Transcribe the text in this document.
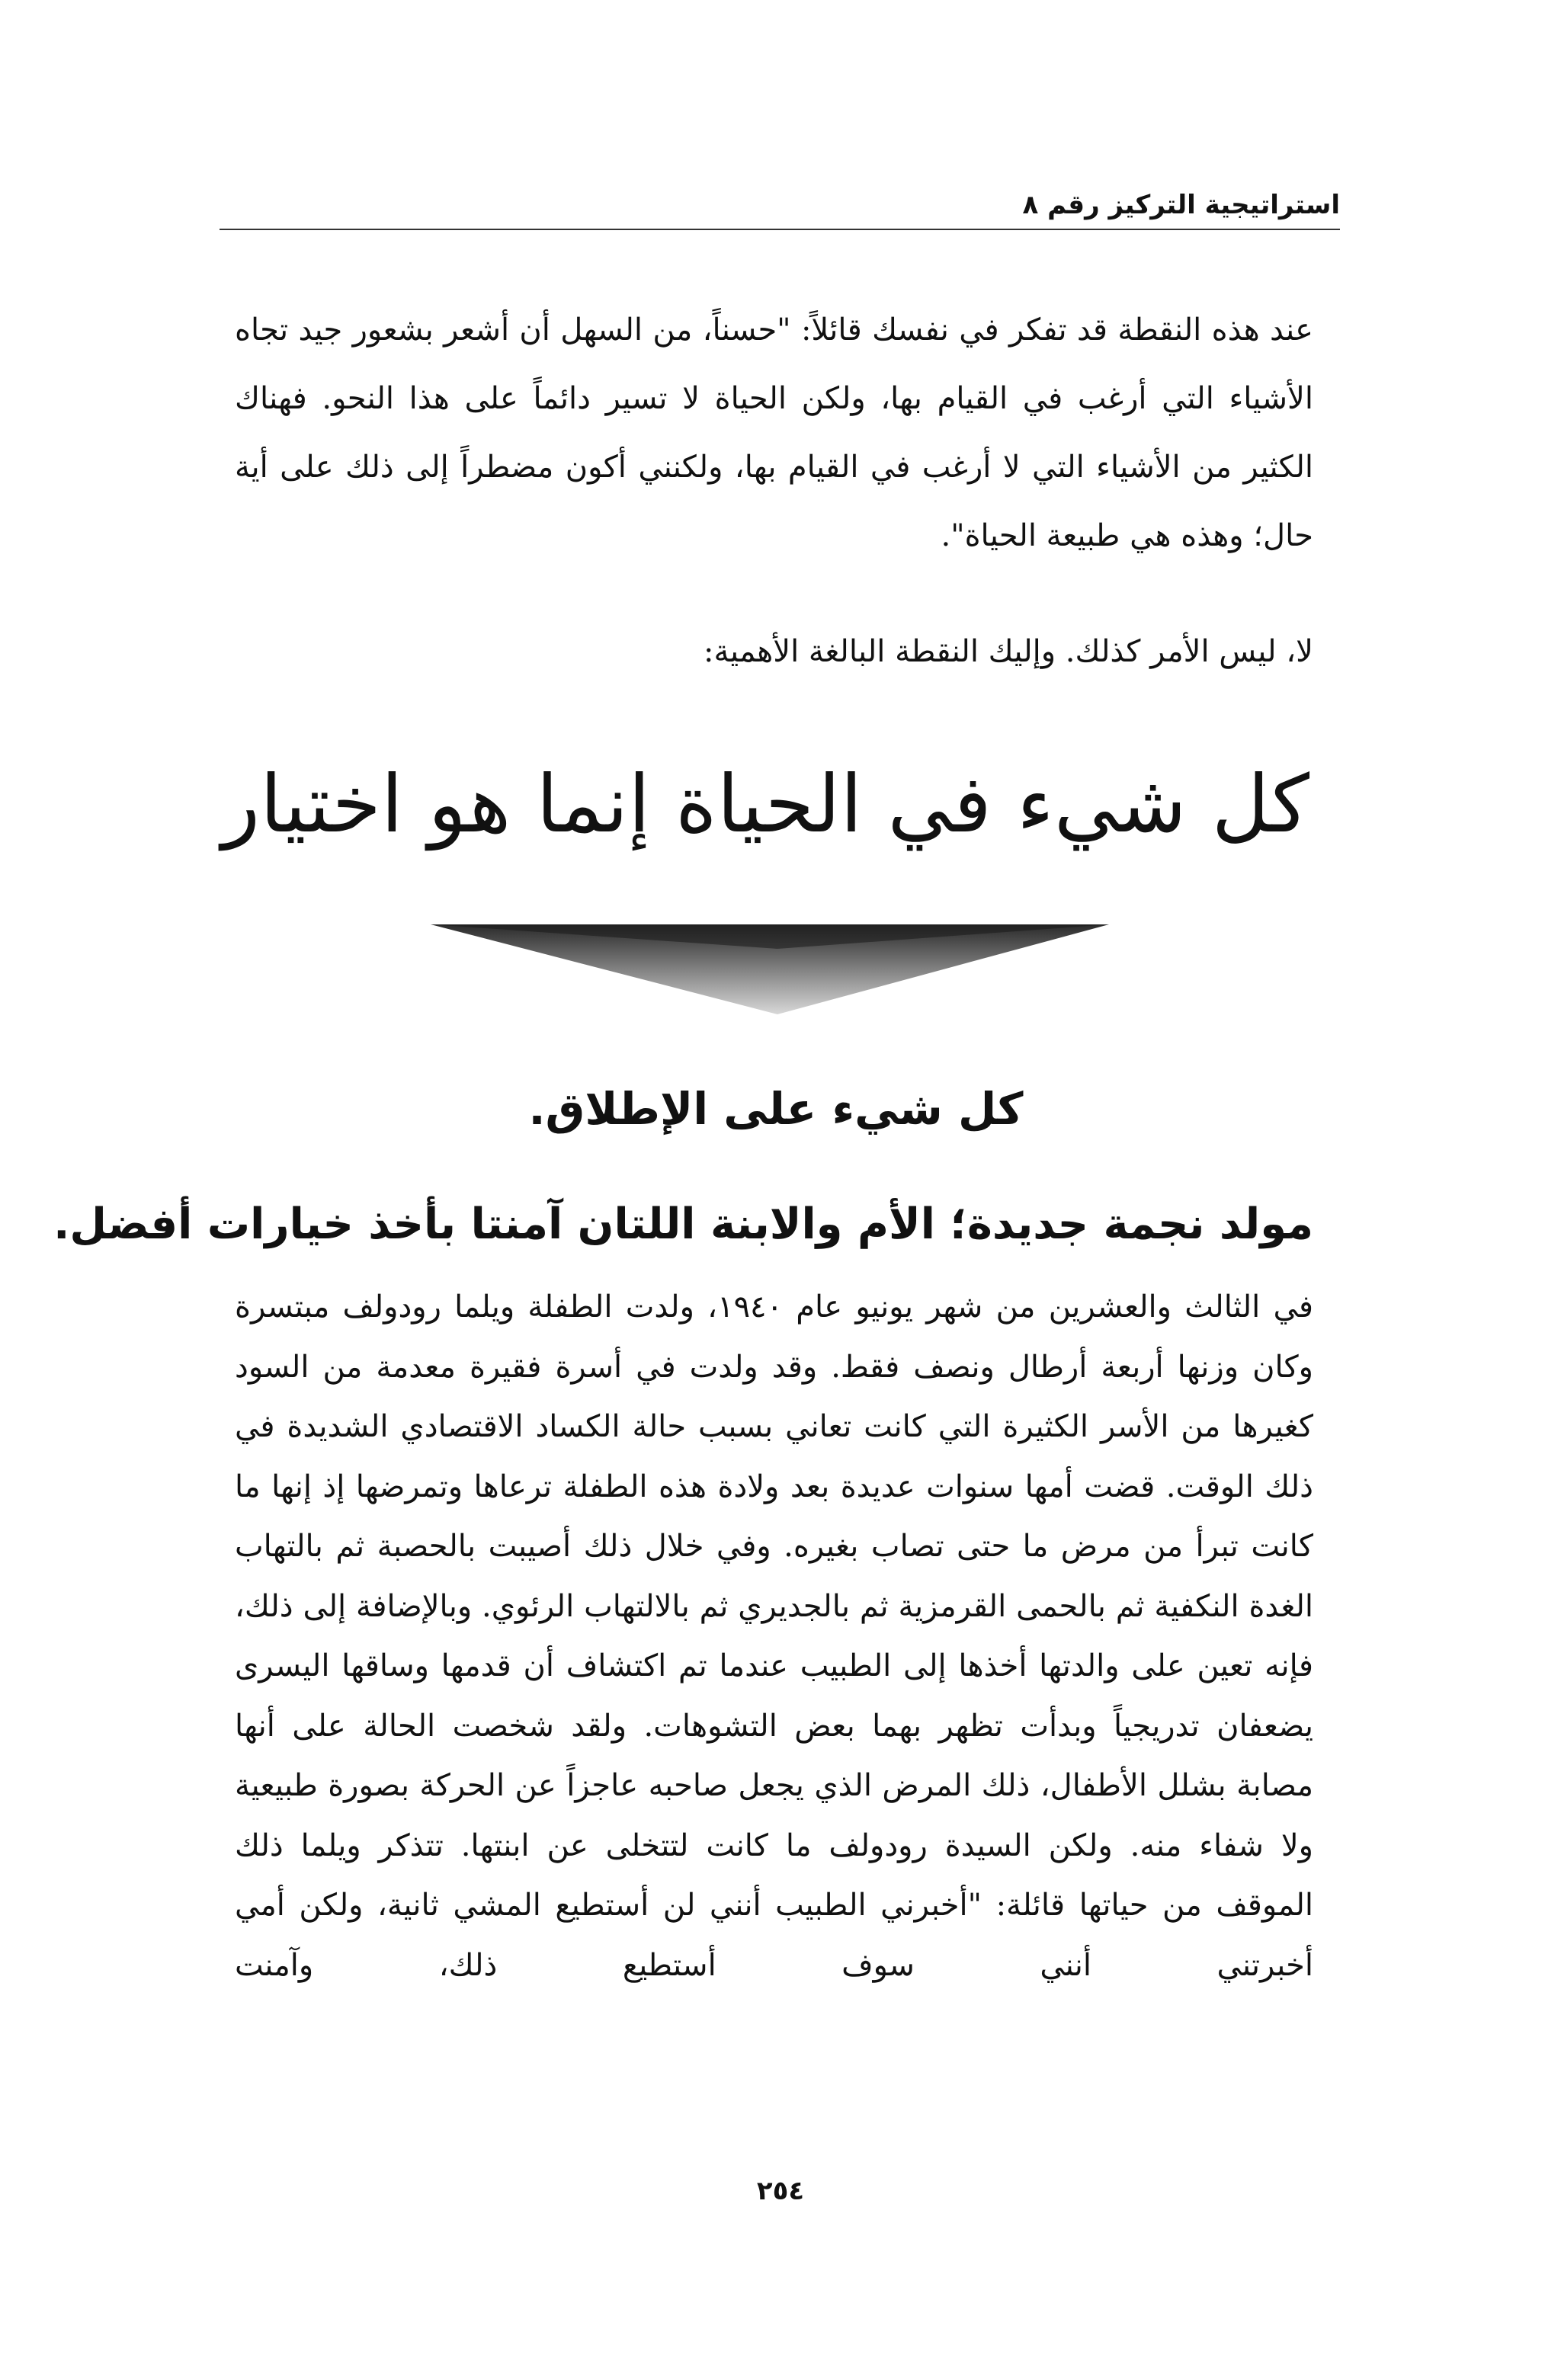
استراتيجية التركيز رقم ٨

عند هذه النقطة قد تفكر في نفسك قائلاً: "حسناً، من السهل أن أشعر بشعور جيد تجاه الأشياء التي أرغب في القيام بها، ولكن الحياة لا تسير دائماً على هذا النحو. فهناك الكثير من الأشياء التي لا أرغب في القيام بها، ولكنني أكون مضطراً إلى ذلك على أية حال؛ وهذه هي طبيعة الحياة".

لا، ليس الأمر كذلك. وإليك النقطة البالغة الأهمية:

كل شيء في الحياة إنما هو اختيار
كل شيء على الإطلاق.
مولد نجمة جديدة؛ الأم والابنة اللتان آمنتا بأخذ خيارات أفضل.

في الثالث والعشرين من شهر يونيو عام ١٩٤٠، ولدت الطفلة ويلما رودولف مبتسرة وكان وزنها أربعة أرطال ونصف فقط. وقد ولدت في أسرة فقيرة معدمة من السود كغيرها من الأسر الكثيرة التي كانت تعاني بسبب حالة الكساد الاقتصادي الشديدة في ذلك الوقت. قضت أمها سنوات عديدة بعد ولادة هذه الطفلة ترعاها وتمرضها إذ إنها ما كانت تبرأ من مرض ما حتى تصاب بغيره. وفي خلال ذلك أصيبت بالحصبة ثم بالتهاب الغدة النكفية ثم بالحمى القرمزية ثم بالجديري ثم بالالتهاب الرئوي. وبالإضافة إلى ذلك، فإنه تعين على والدتها أخذها إلى الطبيب عندما تم اكتشاف أن قدمها وساقها اليسرى يضعفان تدريجياً وبدأت تظهر بهما بعض التشوهات. ولقد شخصت الحالة على أنها مصابة بشلل الأطفال، ذلك المرض الذي يجعل صاحبه عاجزاً عن الحركة بصورة طبيعية ولا شفاء منه. ولكن السيدة رودولف ما كانت لتتخلى عن ابنتها. تتذكر ويلما ذلك الموقف من حياتها قائلة: "أخبرني الطبيب أنني لن أستطيع المشي ثانية، ولكن أمي أخبرتني أنني سوف أستطيع ذلك، وآمنت

٢٥٤
